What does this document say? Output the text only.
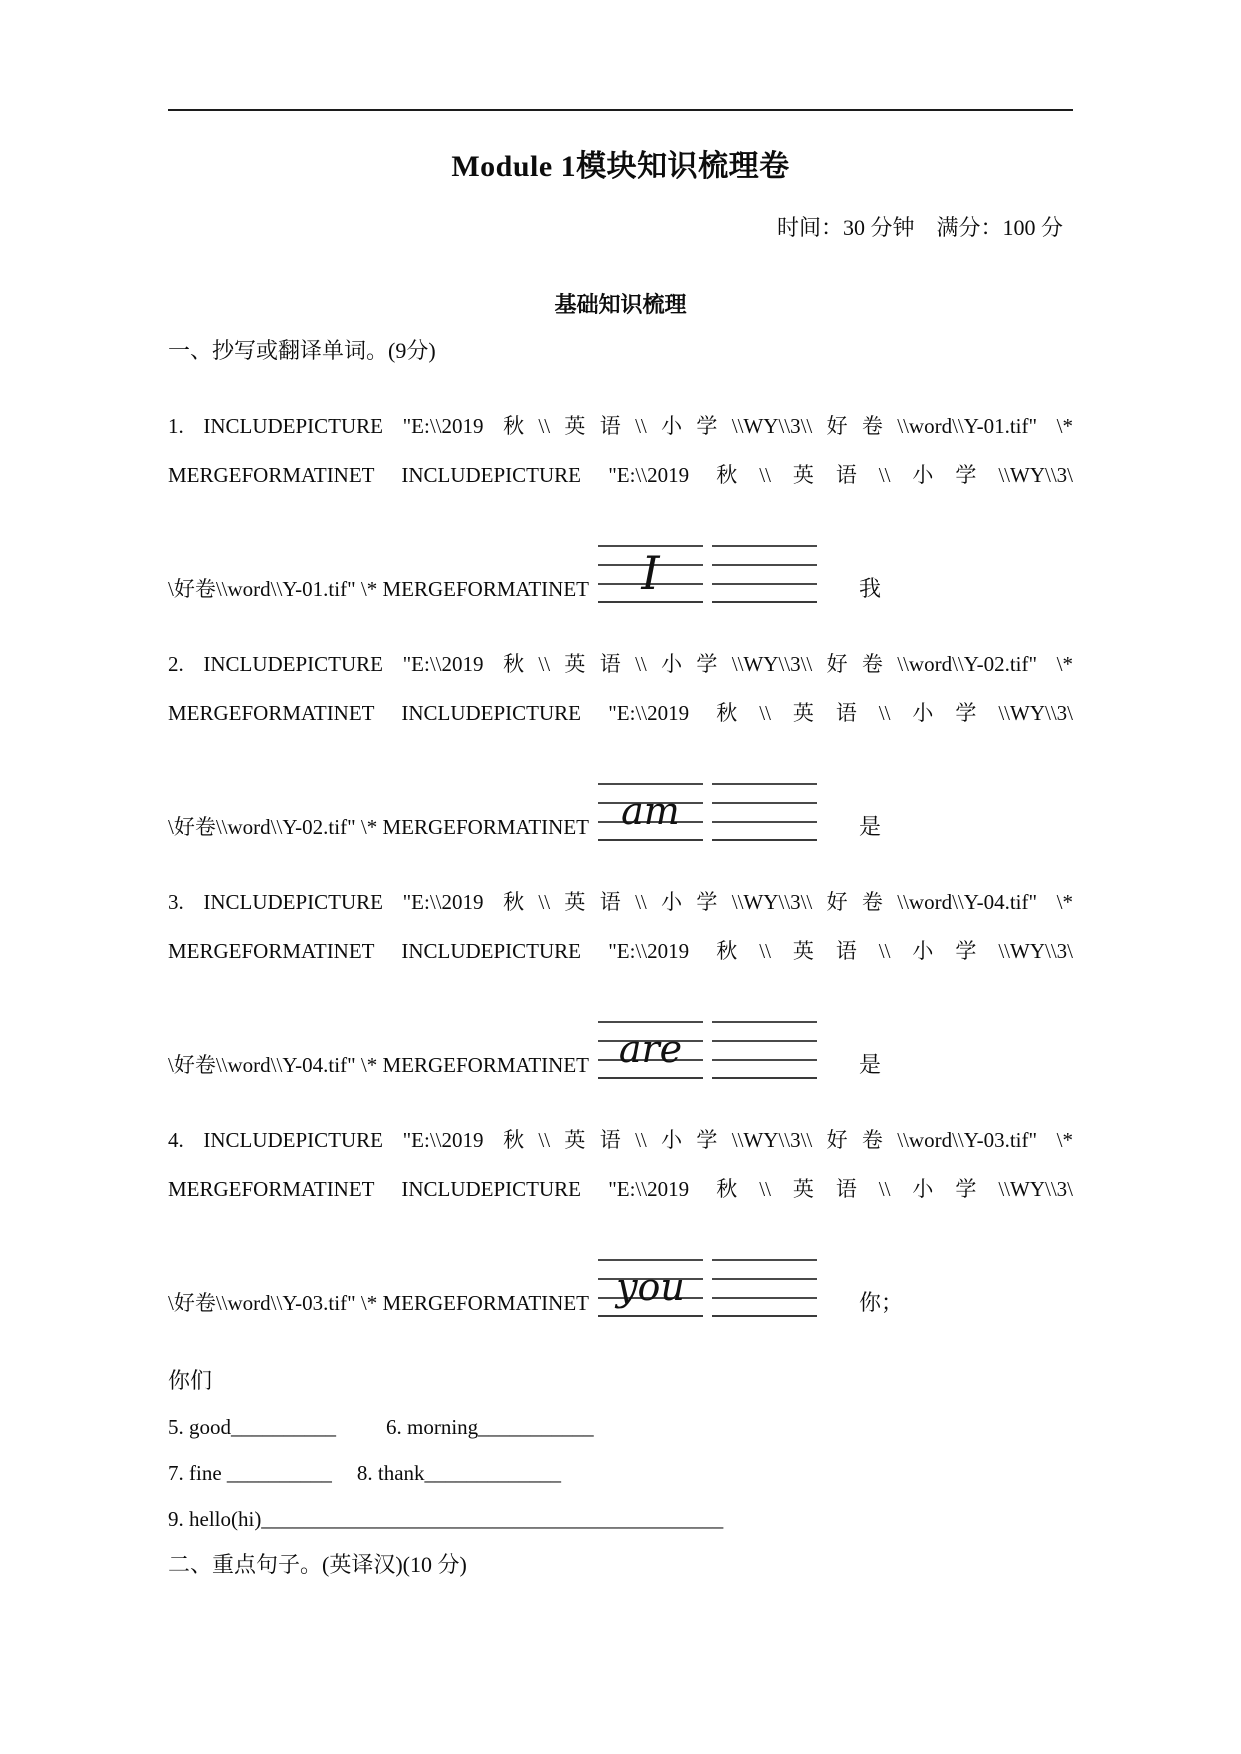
Module 1模块知识梳理卷
时间：30 分钟　满分：100 分
基础知识梳理
一、抄写或翻译单词。(9分)
1. INCLUDEPICTURE "E:\\2019 秋\\英语\\小学\\WY\\3\\好卷\\word\\Y-01.tif" \*
MERGEFORMATINET INCLUDEPICTURE "E:\\2019 秋\\英语\\小学\\WY\\3\
\好卷\\word\\Y-01.tif" \* MERGEFORMATINET I	我
2. INCLUDEPICTURE "E:\\2019 秋\\英语\\小学\\WY\\3\\好卷\\word\\Y-02.tif" \*
MERGEFORMATINET INCLUDEPICTURE "E:\\2019 秋\\英语\\小学\\WY\\3\
\好卷\\word\\Y-02.tif" \* MERGEFORMATINET am	是
3. INCLUDEPICTURE "E:\\2019 秋\\英语\\小学\\WY\\3\\好卷\\word\\Y-04.tif" \*
MERGEFORMATINET INCLUDEPICTURE "E:\\2019 秋\\英语\\小学\\WY\\3\
\好卷\\word\\Y-04.tif" \* MERGEFORMATINET are	是
4. INCLUDEPICTURE "E:\\2019 秋\\英语\\小学\\WY\\3\\好卷\\word\\Y-03.tif" \*
MERGEFORMATINET INCLUDEPICTURE "E:\\2019 秋\\英语\\小学\\WY\\3\
\好卷\\word\\Y-03.tif" \* MERGEFORMATINET you	你；
你们
5. good__________ 6. morning___________
7. fine __________ 8. thank_____________
9. hello(hi)____________________________________________
二、重点句子。(英译汉)(10 分)
